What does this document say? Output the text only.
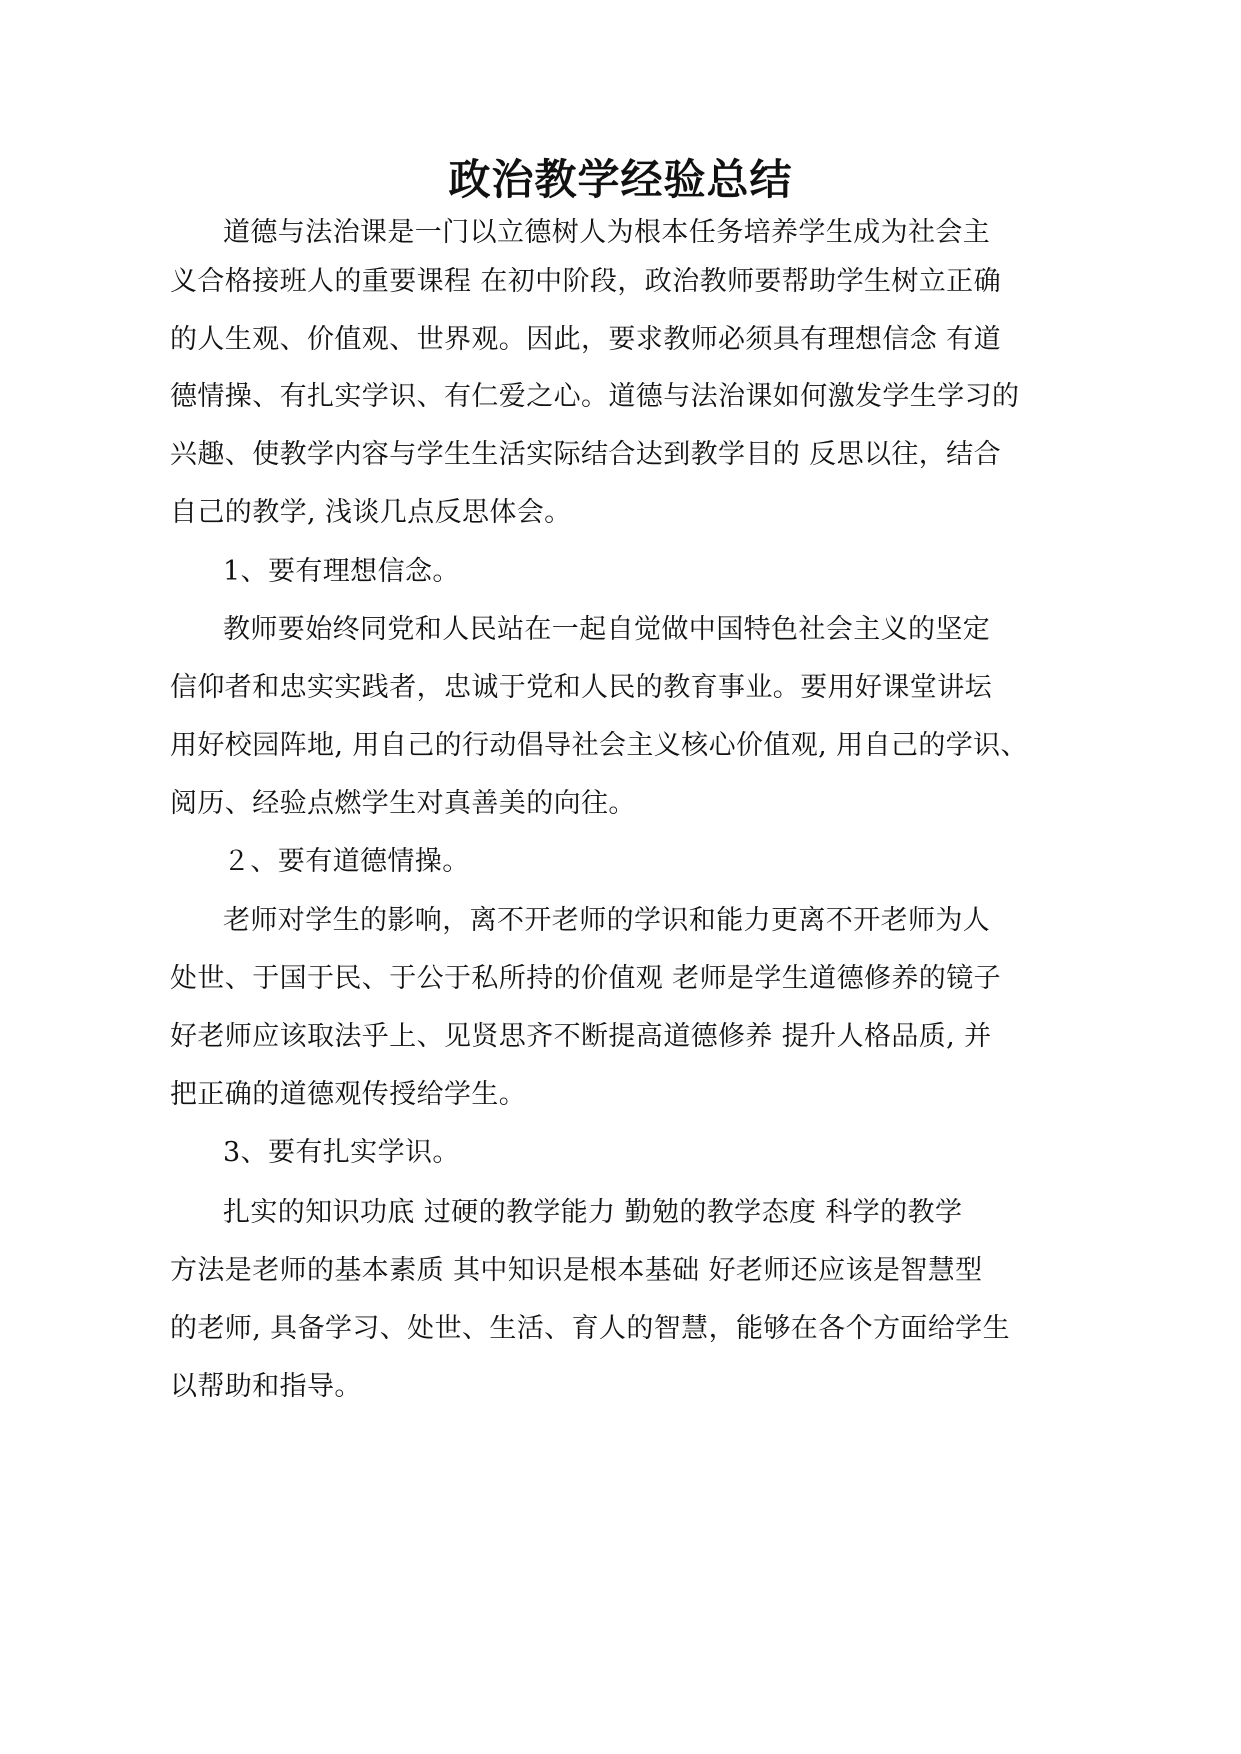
政治教学经验总结
道德与法治课是一门以立德树人为根本任务培养学生成为社会主
义合格接班人的重要课程 在初中阶段，政治教师要帮助学生树立正确
的人生观、价值观、世界观。因此，要求教师必须具有理想信念 有道
德情操、有扎实学识、有仁爱之心。道德与法治课如何激发学生学习的
兴趣、使教学内容与学生生活实际结合达到教学目的 反思以往，结合
自己的教学, 浅谈几点反思体会。
1、要有理想信念。
教师要始终同党和人民站在一起自觉做中国特色社会主义的坚定
信仰者和忠实实践者，忠诚于党和人民的教育事业。要用好课堂讲坛
用好校园阵地, 用自己的行动倡导社会主义核心价值观, 用自己的学识、
阅历、经验点燃学生对真善美的向往。
２、要有道德情操。
老师对学生的影响，离不开老师的学识和能力更离不开老师为人
处世、于国于民、于公于私所持的价值观 老师是学生道德修养的镜子
好老师应该取法乎上、见贤思齐不断提高道德修养 提升人格品质, 并
把正确的道德观传授给学生。
3、要有扎实学识。
扎实的知识功底 过硬的教学能力 勤勉的教学态度 科学的教学
方法是老师的基本素质 其中知识是根本基础 好老师还应该是智慧型
的老师, 具备学习、处世、生活、育人的智慧，能够在各个方面给学生
以帮助和指导。
